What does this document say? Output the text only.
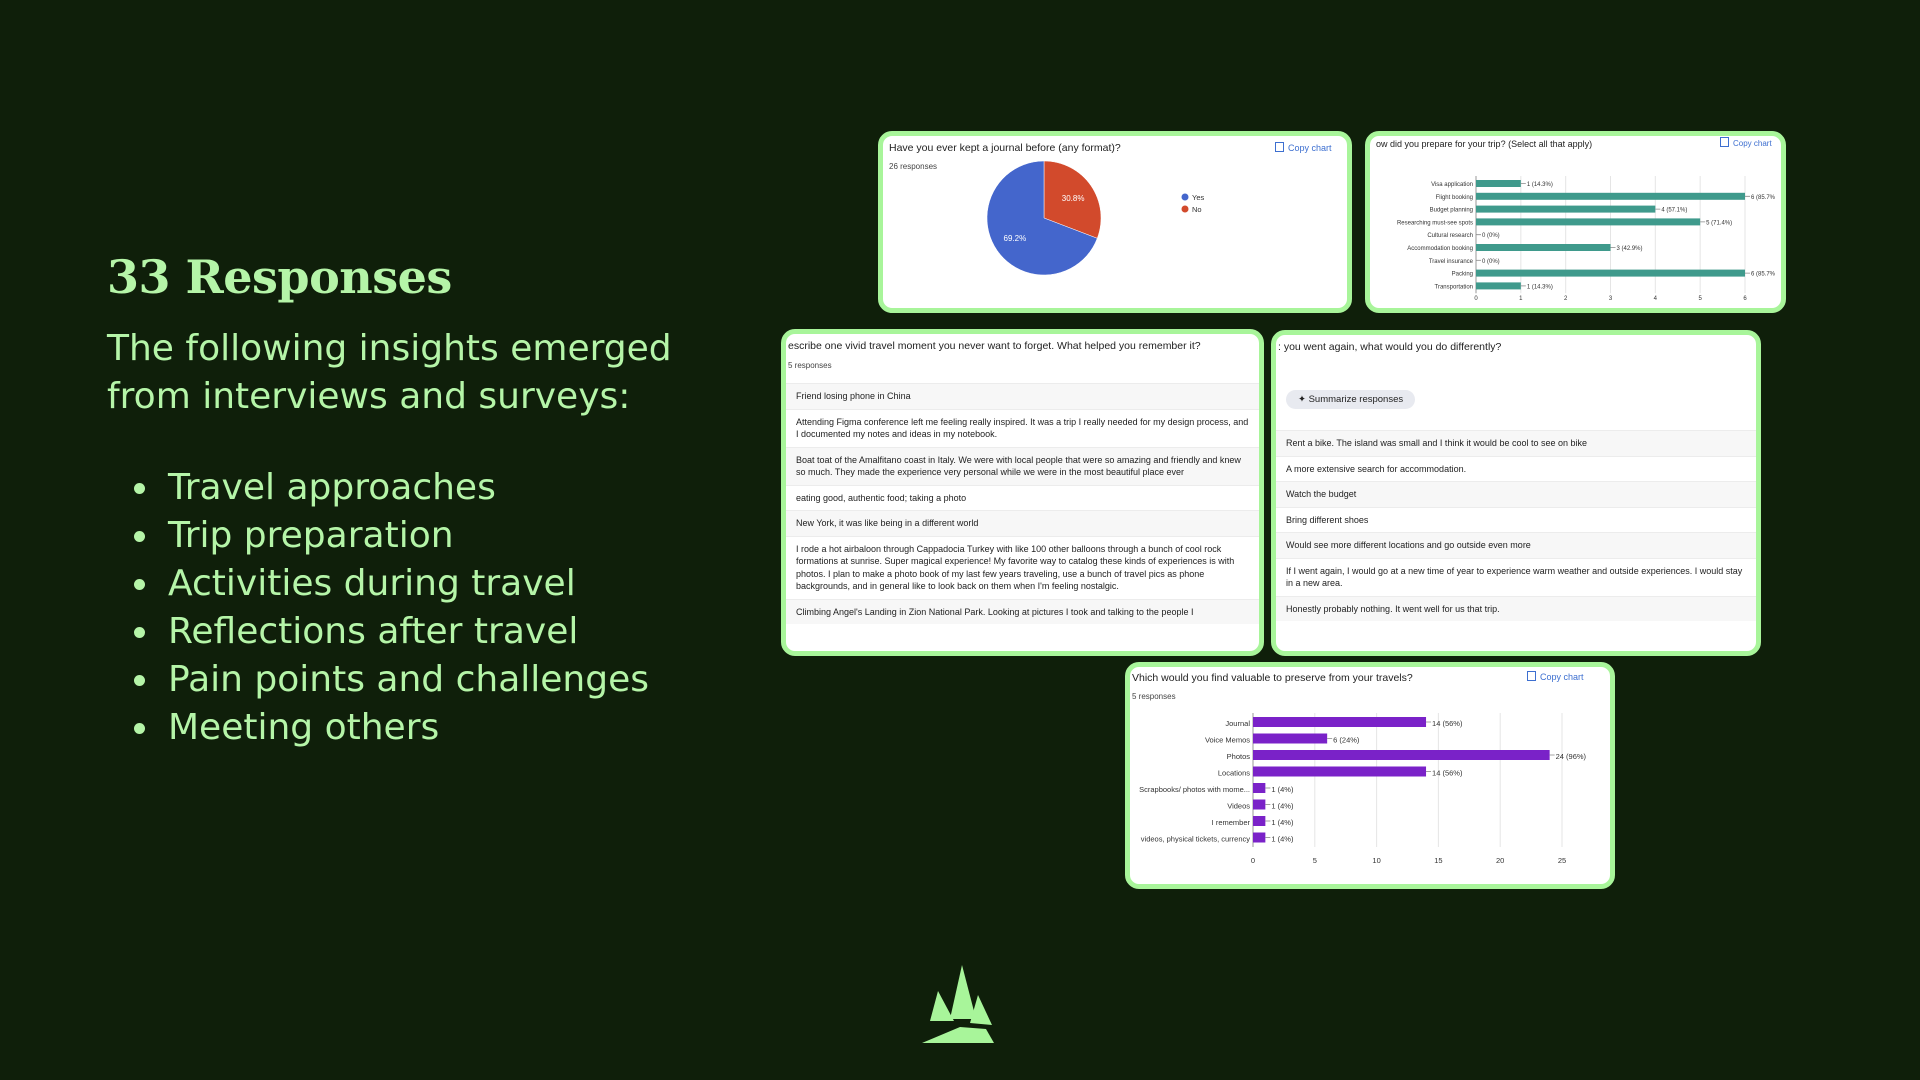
33 Responses

The following insights emerged from interviews and surveys:

• Travel approaches
• Trip preparation
• Activities during travel
• Reflections after travel
• Pain points and challenges
• Meeting others
Have you ever kept a journal before (any format)?
26 responses
Copy chart
30.8%
69.2%
Yes
No
ow did you prepare for your trip? (Select all that apply)	Copy chart
0	1	2	3	4	5	6
Visa application	1 (14.3%)
Flight booking	6 (85.7%
Budget planning	4 (57.1%)
Researching must-see spots	5 (71.4%)
Cultural research 0 (0%)
Accommodation booking	3 (42.9%)
Travel insurance 0 (0%)
Packing	6 (85.7%
Transportation	1 (14.3%)
escribe one vivid travel moment you never want to forget. What helped you remember it?
5 responses
Friend losing phone in China
Attending Figma conference left me feeling really inspired. It was a trip I really needed for my design process, and I documented my notes and ideas in my notebook.
Boat toat of the Amalfitano coast in Italy. We were with local people that were so amazing and friendly and knew so much. They made the experience very personal while we were in the most beautiful place ever
eating good, authentic food; taking a photo
New York, it was like being in a different world
I rode a hot airbaloon through Cappadocia Turkey with like 100 other balloons through a bunch of cool rock formations at sunrise. Super magical experience! My favorite way to catalog these kinds of experiences is with photos. I plan to make a photo book of my last few years traveling, use a bunch of travel pics as phone backgrounds, and in general like to look back on them when I'm feeling nostalgic.
Climbing Angel's Landing in Zion National Park. Looking at pictures I took and talking to the people I
: you went again, what would you do differently?
✦ Summarize responses
Rent a bike. The island was small and I think it would be cool to see on bike
A more extensive search for accommodation.
Watch the budget
Bring different shoes
Would see more different locations and go outside even more
If I went again, I would go at a new time of year to experience warm weather and outside experiences. I would stay in a new area.
Honestly probably nothing. It went well for us that trip.
Vhich would you find valuable to preserve from your travels?
5 responses
Copy chart
0	5	10	15	20	25
Journal	14 (56%)
Voice Memos	6 (24%)
Photos	24 (96%)
Locations	14 (56%)
Scrapbooks/ photos with mome...	1 (4%)
Videos	1 (4%)
I remember	1 (4%)
videos, physical tickets, currency	1 (4%)
